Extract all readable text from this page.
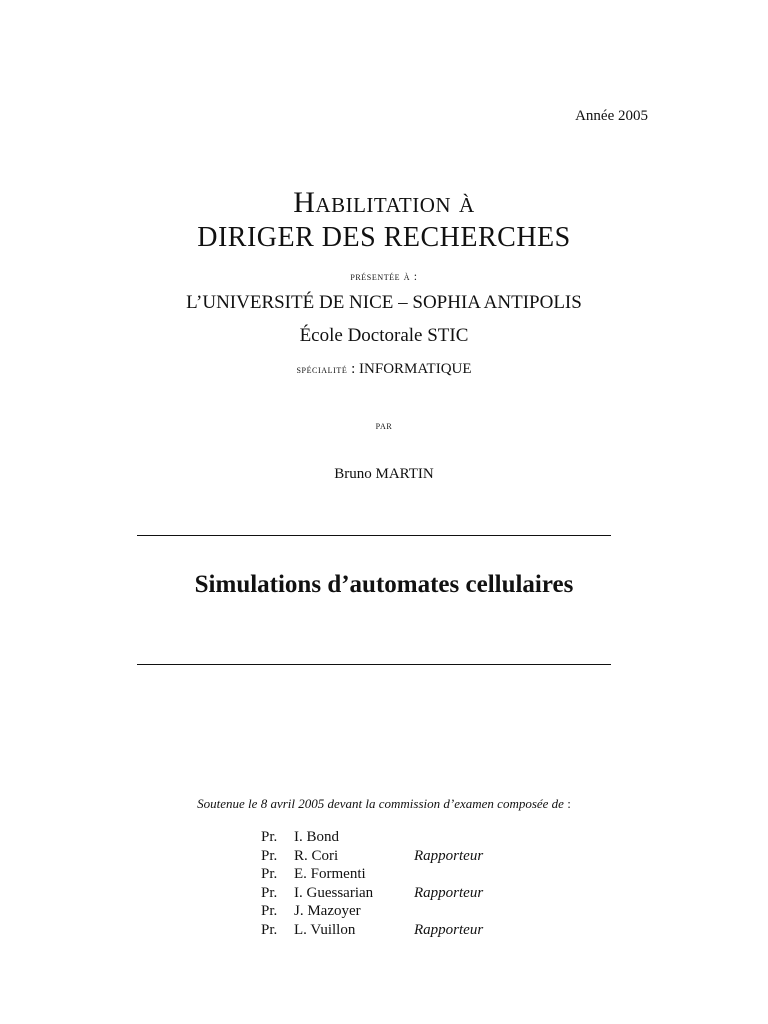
Année 2005
Habilitation à
DIRIGER DES RECHERCHES
présentée à :
L’UNIVERSITÉ DE NICE – SOPHIA ANTIPOLIS
École Doctorale STIC
spécialité : INFORMATIQUE
par
Bruno MARTIN
Simulations d’automates cellulaires
Soutenue le 8 avril 2005 devant la commission d’examen composée de :
Pr.	I. Bond
Pr.	R. Cori	Rapporteur
Pr.	E. Formenti
Pr.	I. Guessarian	Rapporteur
Pr.	J. Mazoyer
Pr.	L. Vuillon	Rapporteur
